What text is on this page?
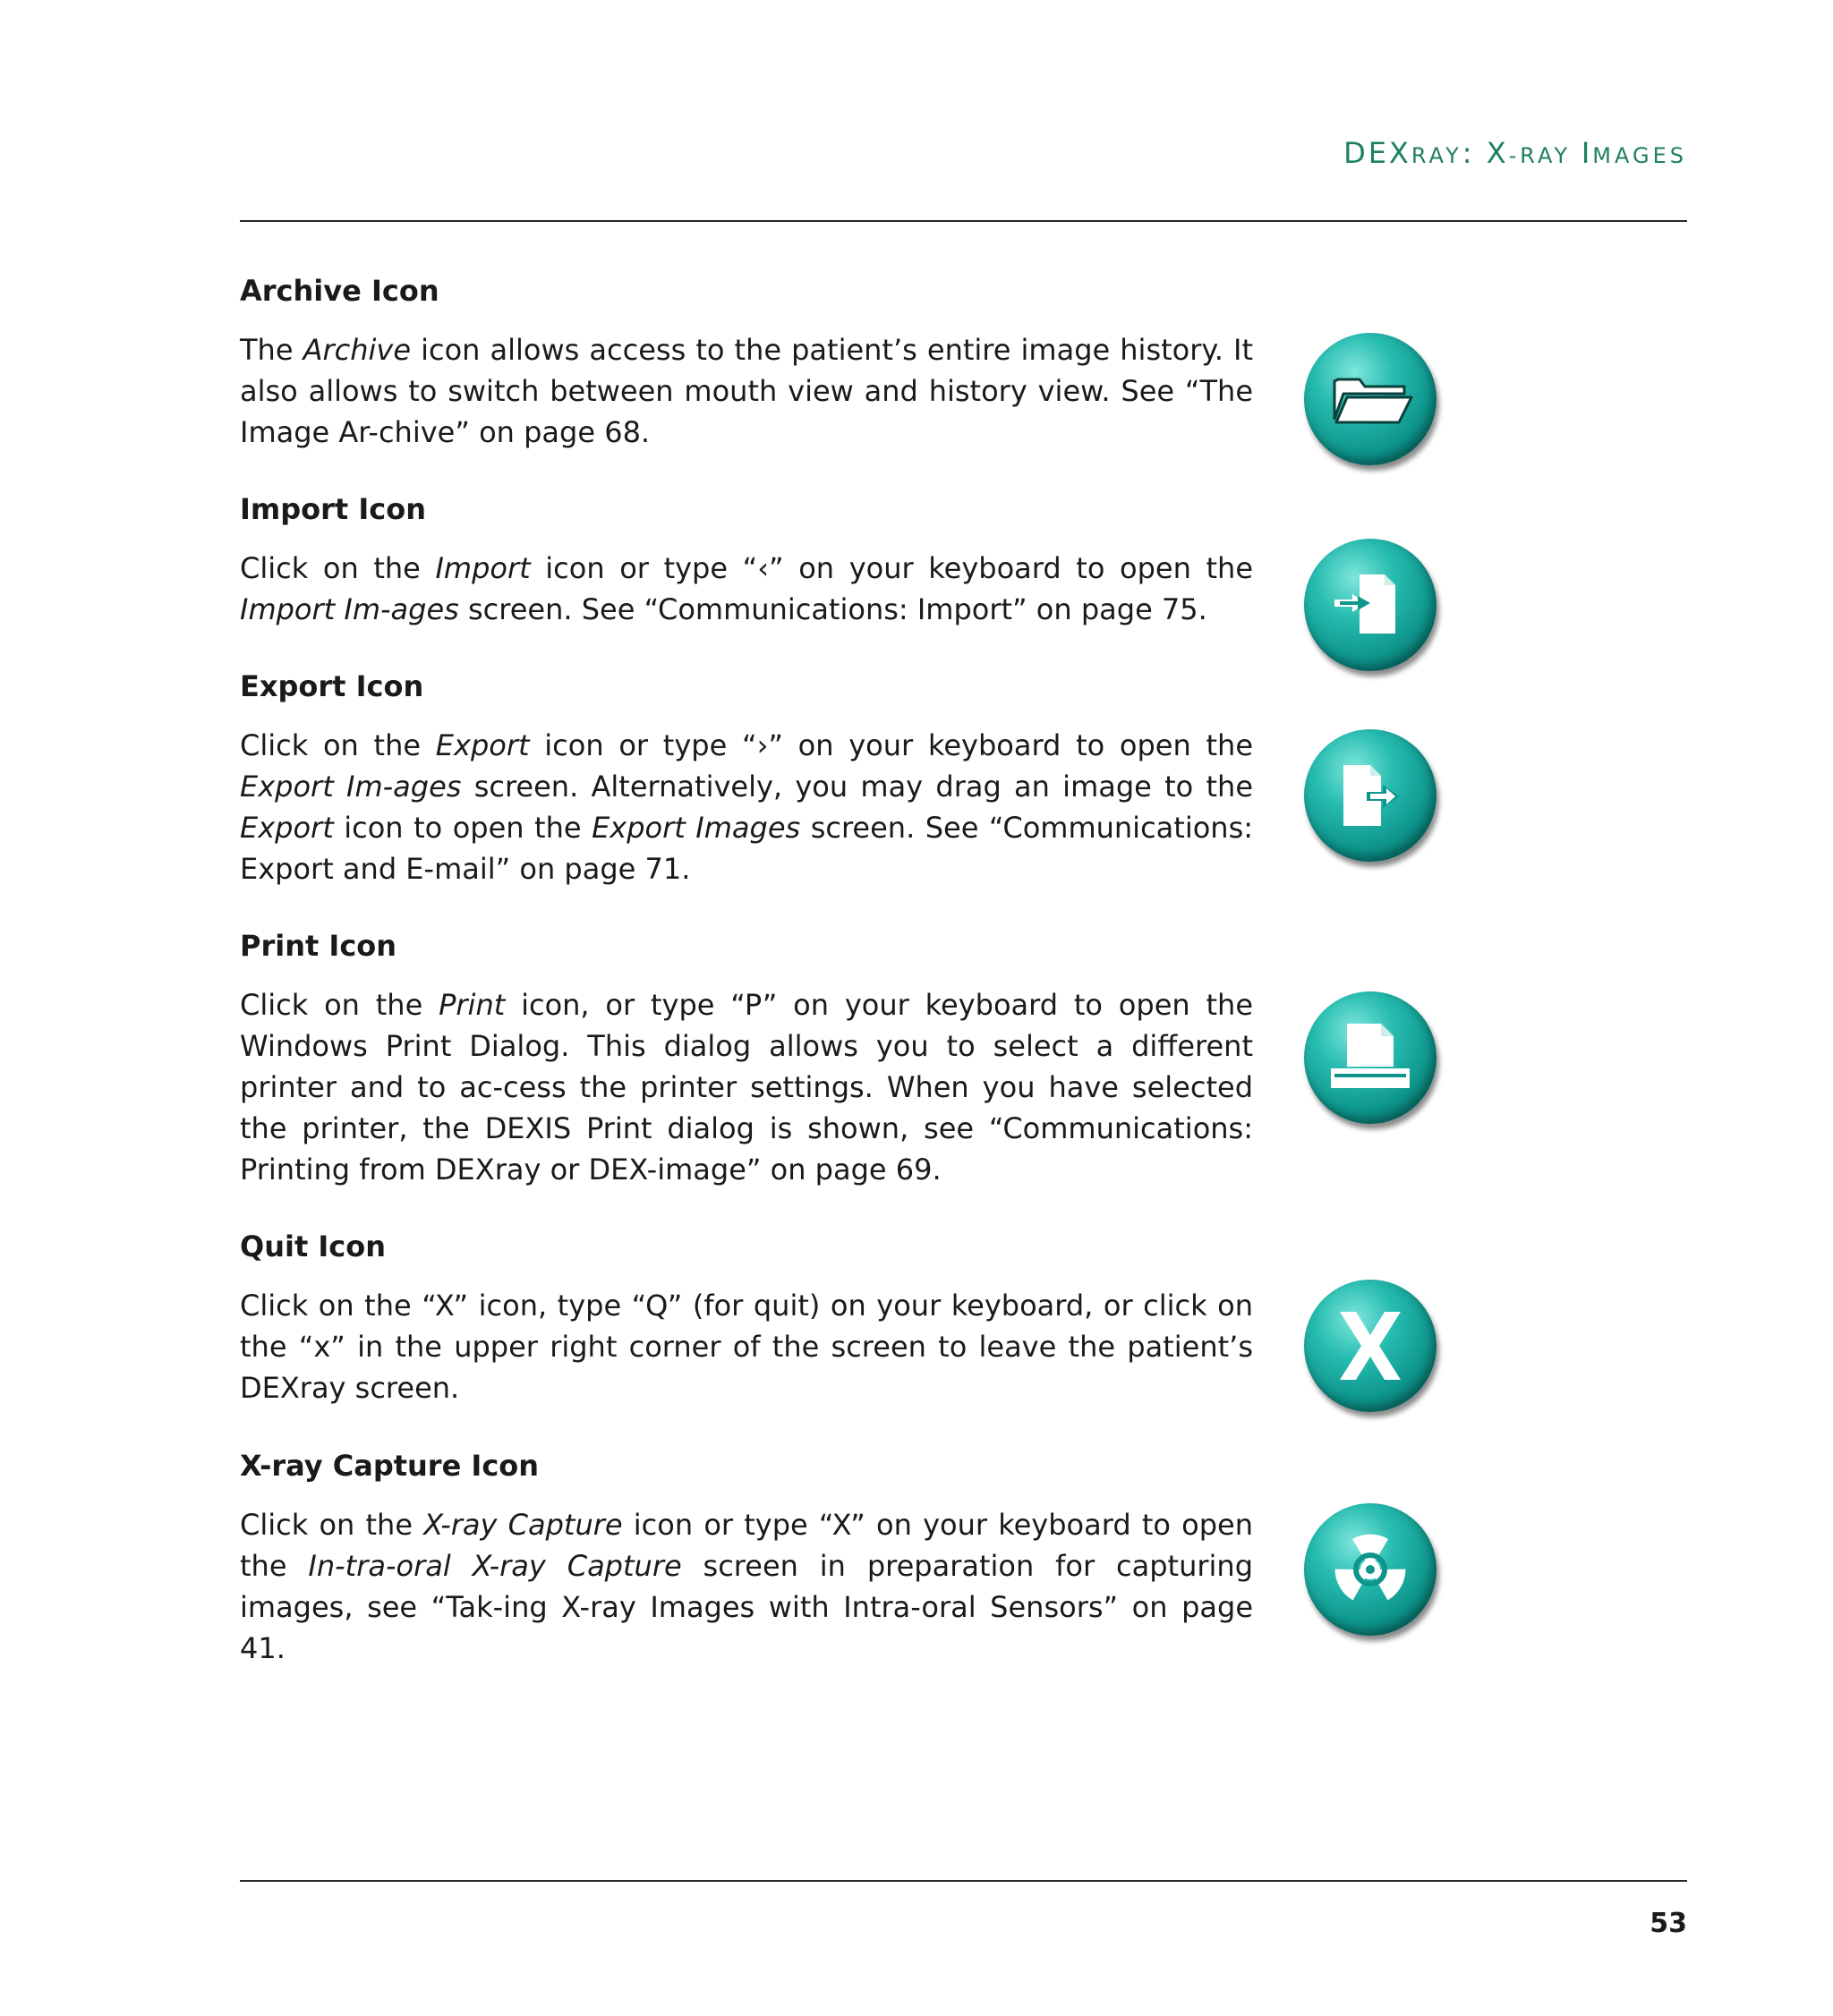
DEXRAY: X-RAY IMAGES
Archive Icon

The Archive icon allows access to the patient’s entire image history. It also allows to switch between mouth view and history view. See “The Image Ar-chive” on page 68.

Import Icon

Click on the Import icon or type “‹” on your keyboard to open the Import Im-ages screen. See “Communications: Import” on page 75.

Export Icon

Click on the Export icon or type “›” on your keyboard to open the Export Im-ages screen. Alternatively, you may drag an image to the Export icon to open the Export Images screen. See “Communications: Export and E-mail” on page 71.

Print Icon

Click on the Print icon, or type “P” on your keyboard to open the Windows Print Dialog. This dialog allows you to select a different printer and to ac-cess the printer settings. When you have selected the printer, the DEXIS Print dialog is shown, see “Communications: Printing from DEXray or DEX-image” on page 69.

Quit Icon

Click on the “X” icon, type “Q” (for quit) on your keyboard, or click on the “x” in the upper right corner of the screen to leave the patient’s DEXray screen.

X-ray Capture Icon

Click on the X-ray Capture icon or type “X” on your keyboard to open the In-tra-oral X-ray Capture screen in preparation for capturing images, see “Tak-ing X-ray Images with Intra-oral Sensors” on page 41.

53
